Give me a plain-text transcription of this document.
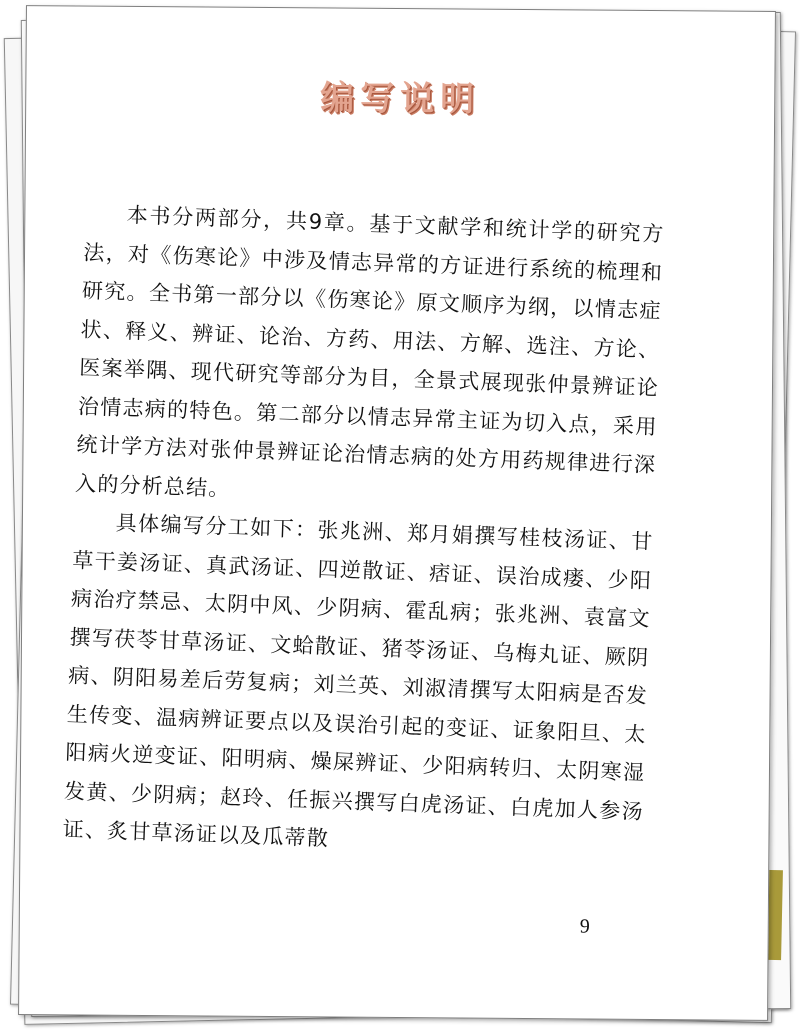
编写说明

本书分两部分，共9章。基于文献学和统计学的研究方法，对《伤寒论》中涉及情志异常的方证进行系统的梳理和研究。全书第一部分以《伤寒论》原文顺序为纲，以情志症状、释义、辨证、论治、方药、用法、方解、选注、方论、医案举隅、现代研究等部分为目，全景式展现张仲景辨证论治情志病的特色。第二部分以情志异常主证为切入点，采用统计学方法对张仲景辨证论治情志病的处方用药规律进行深入的分析总结。

具体编写分工如下：张兆洲、郑月娟撰写桂枝汤证、甘草干姜汤证、真武汤证、四逆散证、痞证、误治成瘘、少阳病治疗禁忌、太阴中风、少阴病、霍乱病；张兆洲、袁富文撰写茯苓甘草汤证、文蛤散证、猪苓汤证、乌梅丸证、厥阴病、阴阳易差后劳复病；刘兰英、刘淑清撰写太阳病是否发生传变、温病辨证要点以及误治引起的变证、证象阳旦、太阳病火逆变证、阳明病、燥屎辨证、少阳病转归、太阴寒湿发黄、少阴病；赵玲、任振兴撰写白虎汤证、白虎加人参汤证、炙甘草汤证以及瓜蒂散

9
